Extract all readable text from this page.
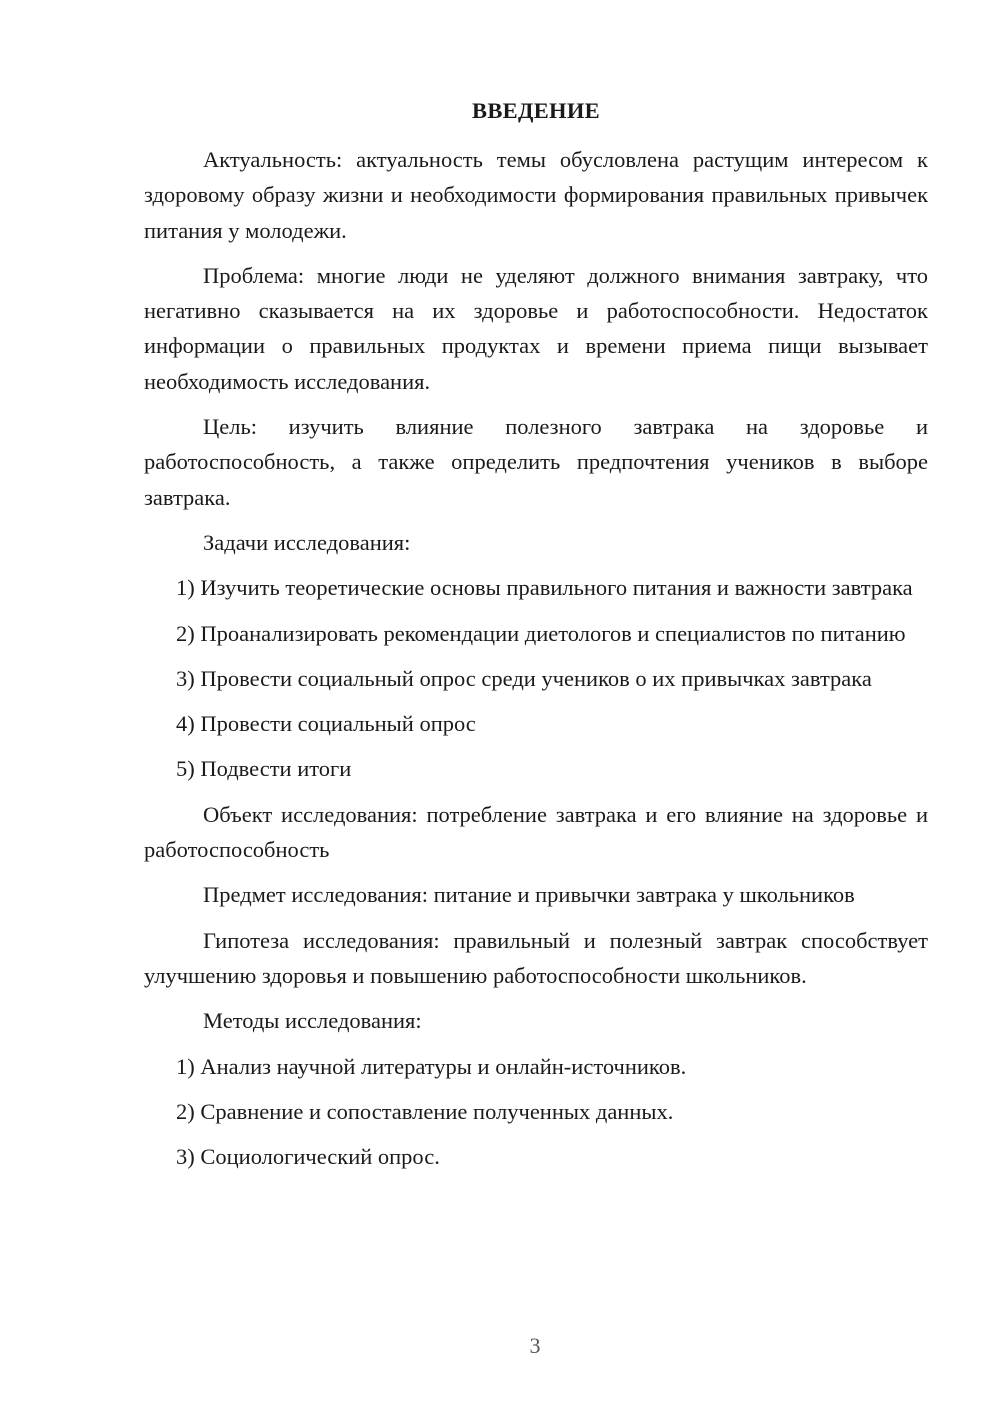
ВВЕДЕНИЕ

Актуальность: актуальность темы обусловлена растущим интересом к здоровому образу жизни и необходимости формирования правильных привычек питания у молодежи.

Проблема: многие люди не уделяют должного внимания завтраку, что негативно сказывается на их здоровье и работоспособности. Недостаток информации о правильных продуктах и времени приема пищи вызывает необходимость исследования.

Цель: изучить влияние полезного завтрака на здоровье и работоспособность, а также определить предпочтения учеников в выборе завтрака.

Задачи исследования:

1) Изучить теоретические основы правильного питания и важности завтрака

2) Проанализировать рекомендации диетологов и специалистов по питанию

3) Провести социальный опрос среди учеников о их привычках завтрака

4) Провести социальный опрос

5) Подвести итоги

Объект исследования: потребление завтрака и его влияние на здоровье и работоспособность

Предмет исследования: питание и привычки завтрака у школьников

Гипотеза исследования: правильный и полезный завтрак способствует улучшению здоровья и повышению работоспособности школьников.

Методы исследования:

1) Анализ научной литературы и онлайн-источников.

2) Сравнение и сопоставление полученных данных.

3) Социологический опрос.

3
